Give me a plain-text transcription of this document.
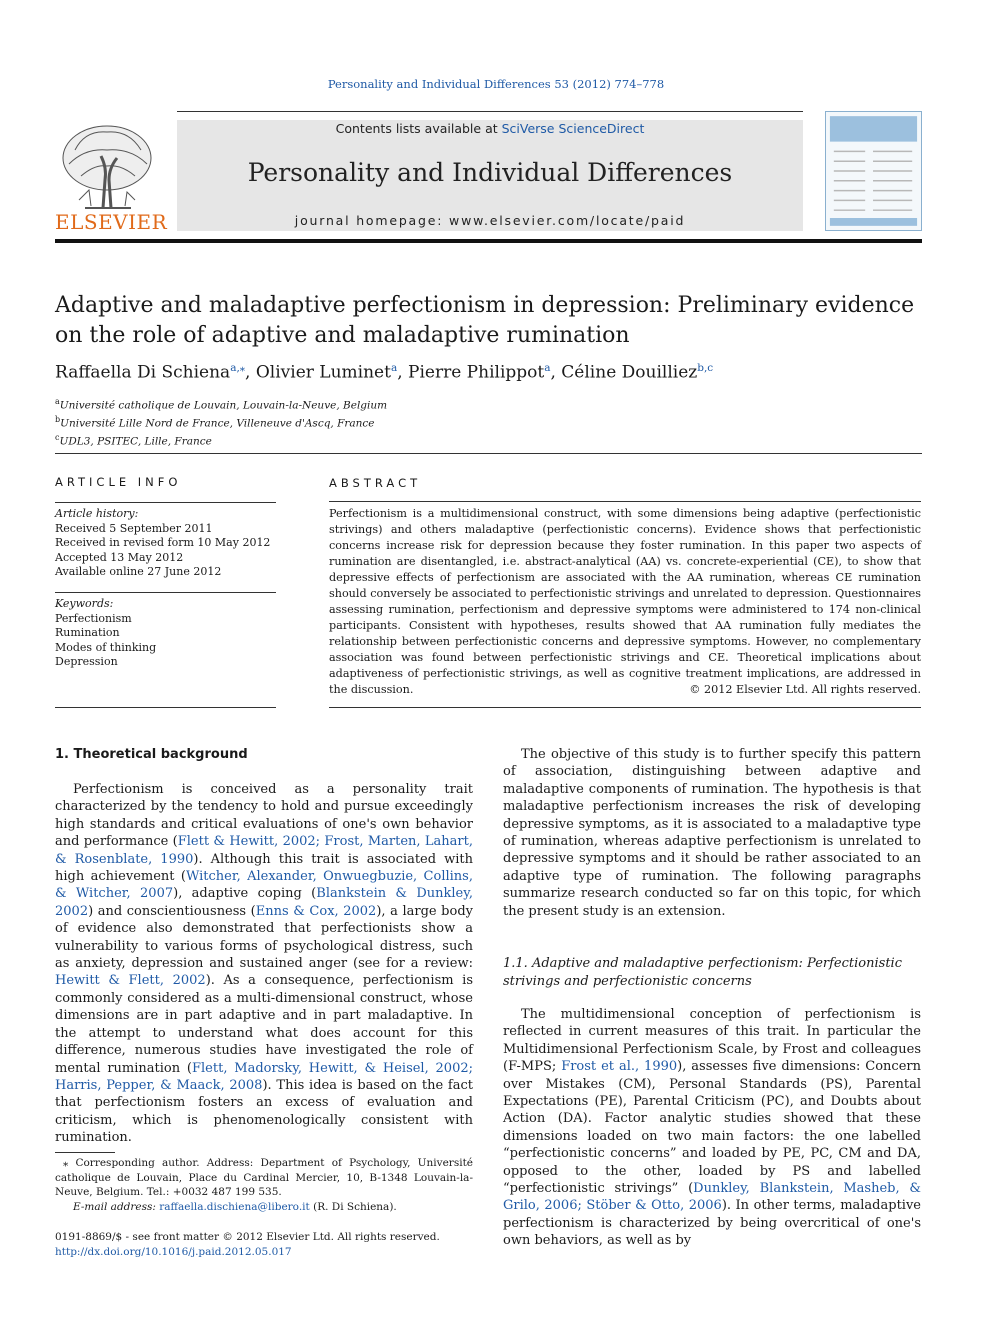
Personality and Individual Differences 53 (2012) 774–778
Contents lists available at SciVerse ScienceDirect
Personality and Individual Differences
journal homepage: www.elsevier.com/locate/paid
ELSEVIER
Adaptive and maladaptive perfectionism in depression: Preliminary evidence on the role of adaptive and maladaptive rumination
Raffaella Di Schiena$^{a,⁎}$, Olivier Luminet$^a$, Pierre Philippot$^a$, Céline Douilliez$^{b,c}$
$^a$Université catholique de Louvain, Louvain-la-Neuve, Belgium
$^b$Université Lille Nord de France, Villeneuve d'Ascq, France
$^c$UDL3, PSITEC, Lille, France
ARTICLE INFO
Article history:
Received 5 September 2011
Received in revised form 10 May 2012
Accepted 13 May 2012
Available online 27 June 2012
Keywords:
Perfectionism
Rumination
Modes of thinking
Depression
ABSTRACT
Perfectionism is a multidimensional construct, with some dimensions being adaptive (perfectionistic strivings) and others maladaptive (perfectionistic concerns). Evidence shows that perfectionistic concerns increase risk for depression because they foster rumination. In this paper two aspects of rumination are disentangled, i.e. abstract-analytical (AA) vs. concrete-experiential (CE), to show that depressive effects of perfectionism are associated with the AA rumination, whereas CE rumination should conversely be associated to perfectionistic strivings and unrelated to depression. Questionnaires assessing rumination, perfectionism and depressive symptoms were administered to 174 non-clinical participants. Consistent with hypotheses, results showed that AA rumination fully mediates the relationship between perfectionistic concerns and depressive symptoms. However, no complementary association was found between perfectionistic strivings and CE. Theoretical implications about adaptiveness of perfectionistic strivings, as well as cognitive treatment implications, are addressed in the discussion.	© 2012 Elsevier Ltd. All rights reserved.
1. Theoretical background

Perfectionism is conceived as a personality trait characterized by the tendency to hold and pursue exceedingly high standards and critical evaluations of one's own behavior and performance (Flett & Hewitt, 2002; Frost, Marten, Lahart, & Rosenblate, 1990). Although this trait is associated with high achievement (Witcher, Alexander, Onwuegbuzie, Collins, & Witcher, 2007), adaptive coping (Blankstein & Dunkley, 2002) and conscientiousness (Enns & Cox, 2002), a large body of evidence also demonstrated that perfectionists show a vulnerability to various forms of psychological distress, such as anxiety, depression and sustained anger (see for a review: Hewitt & Flett, 2002). As a consequence, perfectionism is commonly considered as a multi-dimensional construct, whose dimensions are in part adaptive and in part maladaptive. In the attempt to understand what does account for this difference, numerous studies have investigated the role of mental rumination (Flett, Madorsky, Hewitt, & Heisel, 2002; Harris, Pepper, & Maack, 2008). This idea is based on the fact that perfectionism fosters an excess of evaluation and criticism, which is phenomenologically consistent with rumination.

The objective of this study is to further specify this pattern of association, distinguishing between adaptive and maladaptive components of rumination. The hypothesis is that maladaptive perfectionism increases the risk of developing depressive symptoms, as it is associated to a maladaptive type of rumination, whereas adaptive perfectionism is unrelated to depressive symptoms and it should be rather associated to an adaptive type of rumination. The following paragraphs summarize research conducted so far on this topic, for which the present study is an extension.

1.1. Adaptive and maladaptive perfectionism: Perfectionistic strivings and perfectionistic concerns

The multidimensional conception of perfectionism is reflected in current measures of this trait. In particular the Multidimensional Perfectionism Scale, by Frost and colleagues (F-MPS; Frost et al., 1990), assesses five dimensions: Concern over Mistakes (CM), Personal Standards (PS), Parental Expectations (PE), Parental Criticism (PC), and Doubts about Action (DA). Factor analytic studies showed that these dimensions loaded on two main factors: the one labelled “perfectionistic concerns” and loaded by PE, PC, CM and DA, opposed to the other, loaded by PS and labelled “perfectionistic strivings” (Dunkley, Blankstein, Masheb, & Grilo, 2006; Stöber & Otto, 2006). In other terms, maladaptive perfectionism is characterized by being overcritical of one's own behaviors, as well as by

⁎ Corresponding author. Address: Department of Psychology, Université catholique de Louvain, Place du Cardinal Mercier, 10, B-1348 Louvain-la-Neuve, Belgium. Tel.: +0032 487 199 535.
E-mail address: raffaella.dischiena@libero.it (R. Di Schiena).
0191-8869/$ - see front matter © 2012 Elsevier Ltd. All rights reserved.
http://dx.doi.org/10.1016/j.paid.2012.05.017
